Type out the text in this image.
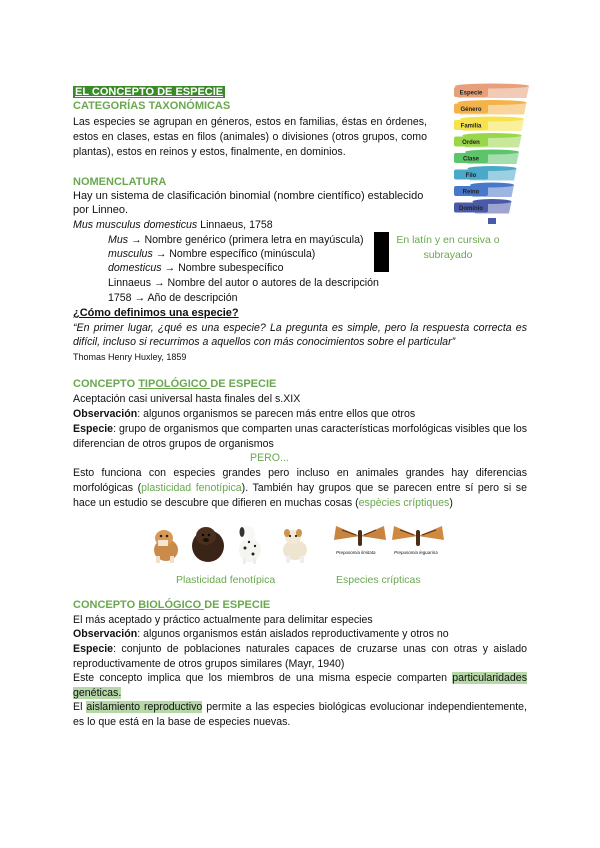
EL CONCEPTO DE ESPECIE
CATEGORÍAS TAXONÓMICAS
Las especies se agrupan en géneros, estos en familias, éstas en órdenes, estos en clases, estas en filos (animales) o divisiones (otros grupos, como plantas), estos en reinos y estos, finalmente, en dominios.
Especie
Género
Familia
Orden
Clase
Filo
Reino
Dominio
NOMENCLATURA
Hay un sistema de clasificación binomial (nombre científico) establecido
por Linneo.
Mus musculus domesticus Linnaeus, 1758
Mus → Nombre genérico (primera letra en mayúscula)
musculus → Nombre específico (minúscula)
domesticus → Nombre subespecífico
Linnaeus → Nombre del autor o autores de la descripción
1758 → Año de descripción
En latín y en cursiva o
subrayado
¿Cómo definimos una especie?
“En primer lugar, ¿qué es una especie? La pregunta es simple, pero la respuesta correcta es difícil, incluso si recurrimos a aquellos con más conocimientos sobre el particular”
Thomas Henry Huxley, 1859
CONCEPTO TIPOLÓGICO DE ESPECIE
Aceptación casi universal hasta finales del s.XIX
Observación: algunos organismos se parecen más entre ellos que otros
Especie: grupo de organismos que comparten unas características morfológicas visibles que los diferencian de otros grupos de organismos
PERO...
Esto funciona con especies grandes pero incluso en animales grandes hay diferencias morfológicas (plasticidad fenotípica). También hay grupos que se parecen entre sí pero si se hace un estudio se descubre que difieren en muchas cosas (espècies críptiques)
Prepusomia limitata	Prepusomia leguarina
Plasticidad fenotípica	Especies crípticas
CONCEPTO BIOLÓGICO DE ESPECIE
El más aceptado y práctico actualmente para delimitar especies
Observación: algunos organismos están aislados reproductivamente y otros no
Especie: conjunto de poblaciones naturales capaces de cruzarse unas con otras y aislado reproductivamente de otros grupos similares (Mayr, 1940)
Este concepto implica que los miembros de una misma especie comparten particularidades genéticas.
El aislamiento reproductivo permite a las especies biológicas evolucionar independientemente, es lo que está en la base de especies nuevas.
